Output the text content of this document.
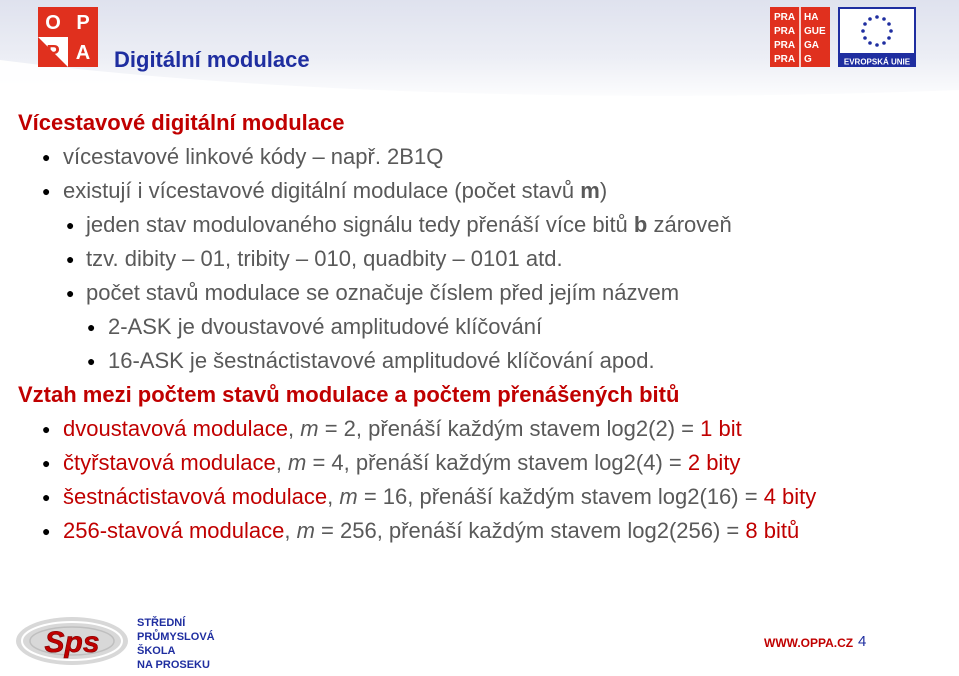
O P
P A Digitální modulace
PRA HA
PRA GUE
PRA GA
PRA G	EVROPSKÁ UNIE
Vícestavové digitální modulace
● vícestavové linkové kódy – např. 2B1Q
● existují i vícestavové digitální modulace (počet stavů m)
● jeden stav modulovaného signálu tedy přenáší více bitů b zároveň
● tzv. dibity – 01, tribity – 010, quadbity – 0101 atd.
● počet stavů modulace se označuje číslem před jejím názvem
● 2-ASK je dvoustavové amplitudové klíčování
● 16-ASK je šestnáctistavové amplitudové klíčování apod.
Vztah mezi počtem stavů modulace a počtem přenášených bitů
● dvoustavová modulace, m = 2, přenáší každým stavem log2(2) = 1 bit
● čtyřstavová modulace, m = 4, přenáší každým stavem log2(4) = 2 bity
● šestnáctistavová modulace, m = 16, přenáší každým stavem log2(16) = 4 bity
● 256-stavová modulace, m = 256, přenáší každým stavem log2(256) = 8 bitů
Sps
STŘEDNÍ
PRŮMYSLOVÁ
ŠKOLA
NA PROSEKU
WWW.OPPA.CZ 4
